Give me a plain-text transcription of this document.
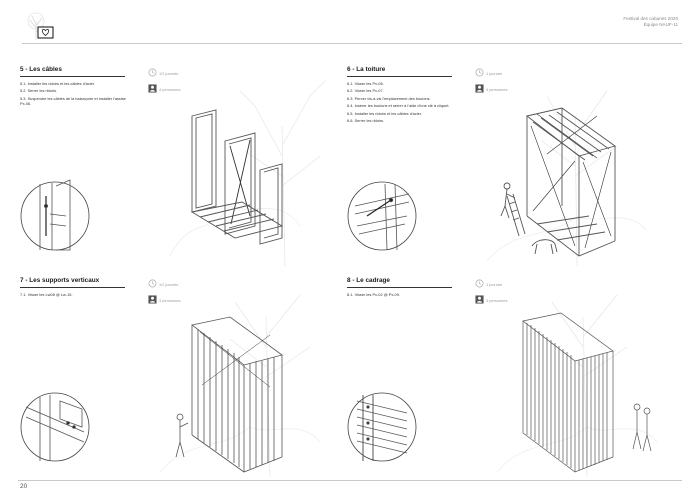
Festival des cabanes 2020
Équipe NAUF-11
5 - Les câbles
5.1. Installer les ridoirs et les câbles d'acier.
5.2. Serrer les ridoirs.
5.3. Suspendre les câbles de la balançoire et installer l'assise Px-06.
1/2 journée
4 personnes
6 - La toiture
6.1. Visser les Px-08.
6.2. Visser les Px-07.
6.3. Percer vis-à-vis l'emplacement des boulons.
6.4. Insérer les boulons et serrer à l'aide d'une clé à cliquet.
6.5. Installer les ridoirs et les câbles d'acier.
6.6. Serrer les ridoirs.
1 journée
4 personnes
7 - Les supports verticaux
7.1. Visser les Lw08 @ Lw-15.
1/2 journée
3 personnes
8 - Le cadrage
8.1. Visser les Px-02 @ Px-09.
1 journée
3 personnes
20
